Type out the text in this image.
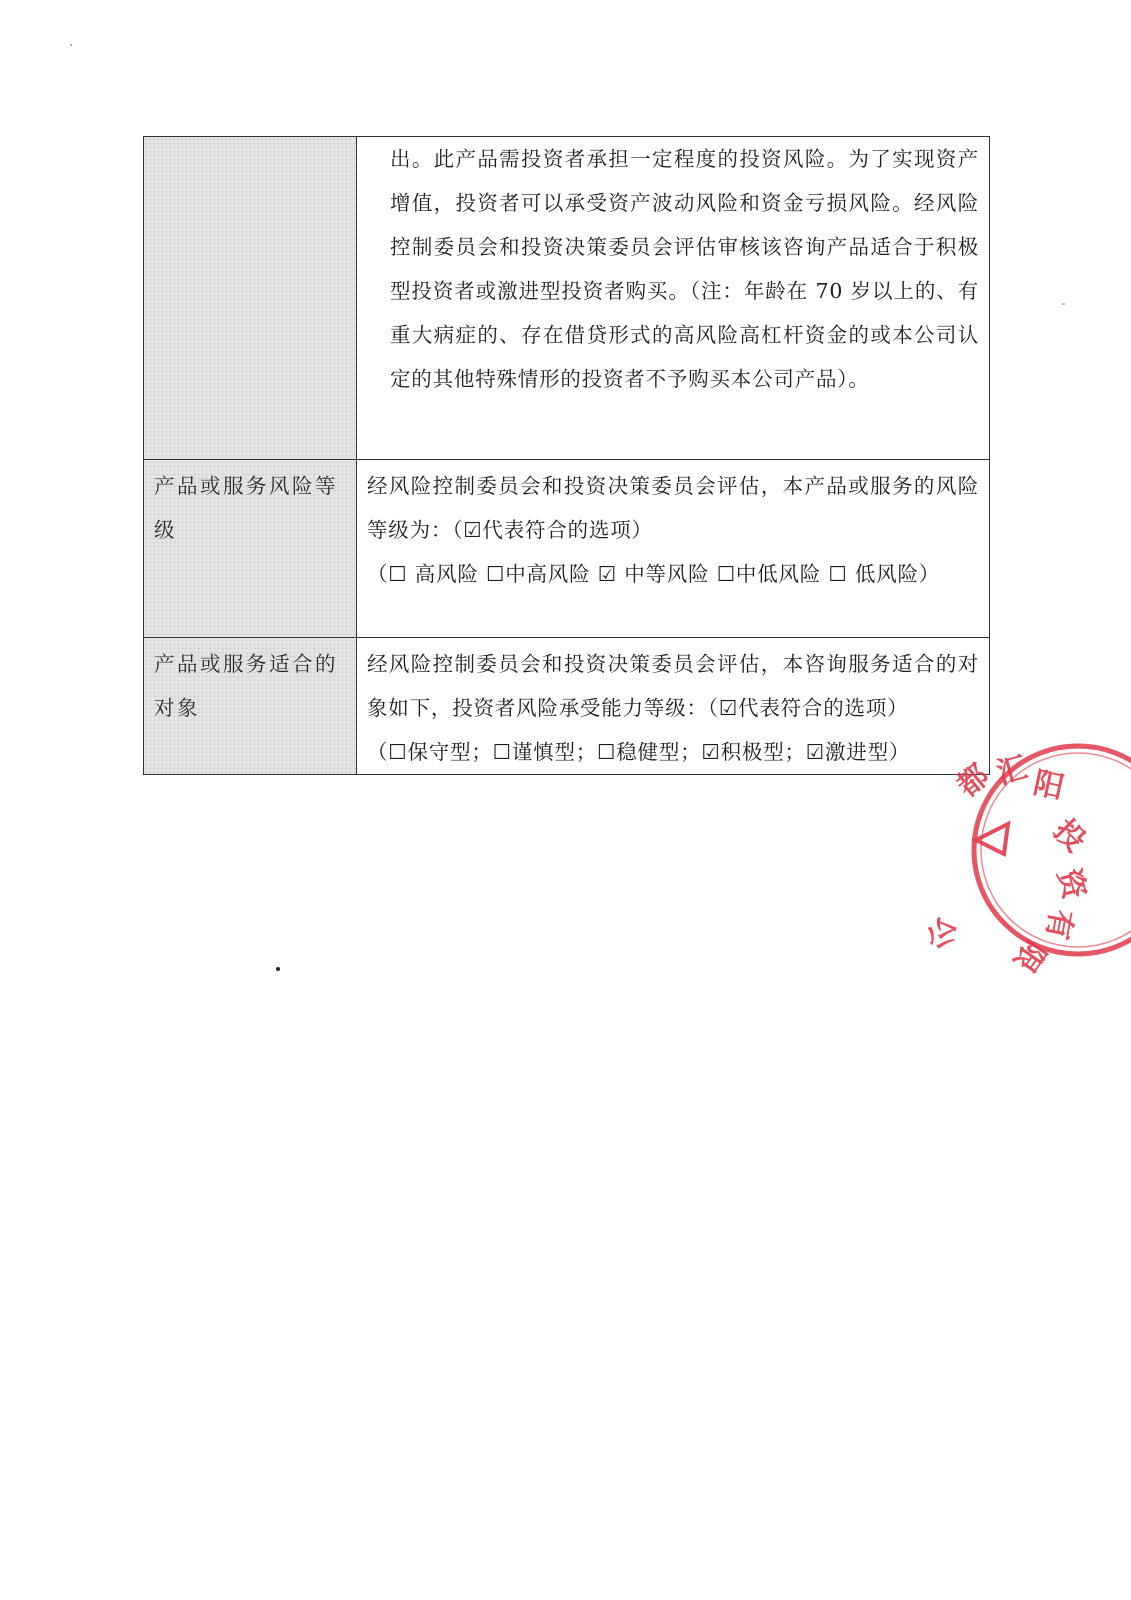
	出。此产品需投资者承担一定程度的投资风险。为了实现资产增值，投资者可以承受资产波动风险和资金亏损风险。经风险控制委员会和投资决策委员会评估审核该咨询产品适合于积极型投资者或激进型投资者购买。（注：年龄在 70 岁以上的、有重大病症的、存在借贷形式的高风险高杠杆资金的或本公司认定的其他特殊情形的投资者不予购买本公司产品）。

产品或服务风险等级	经风险控制委员会和投资决策委员会评估，本产品或服务的风险等级为：（☑代表符合的选项）
（☐ 高风险 ☐中高风险 ☑ 中等风险 ☐中低风险 ☐ 低风险）

产品或服务适合的对象	经风险控制委员会和投资决策委员会评估，本咨询服务适合的对象如下，投资者风险承受能力等级：（☑代表符合的选项）
（☐保守型；☐谨慎型；☐稳健型；☑积极型；☑激进型）
都
汇 阳
投
资
有
限
公
